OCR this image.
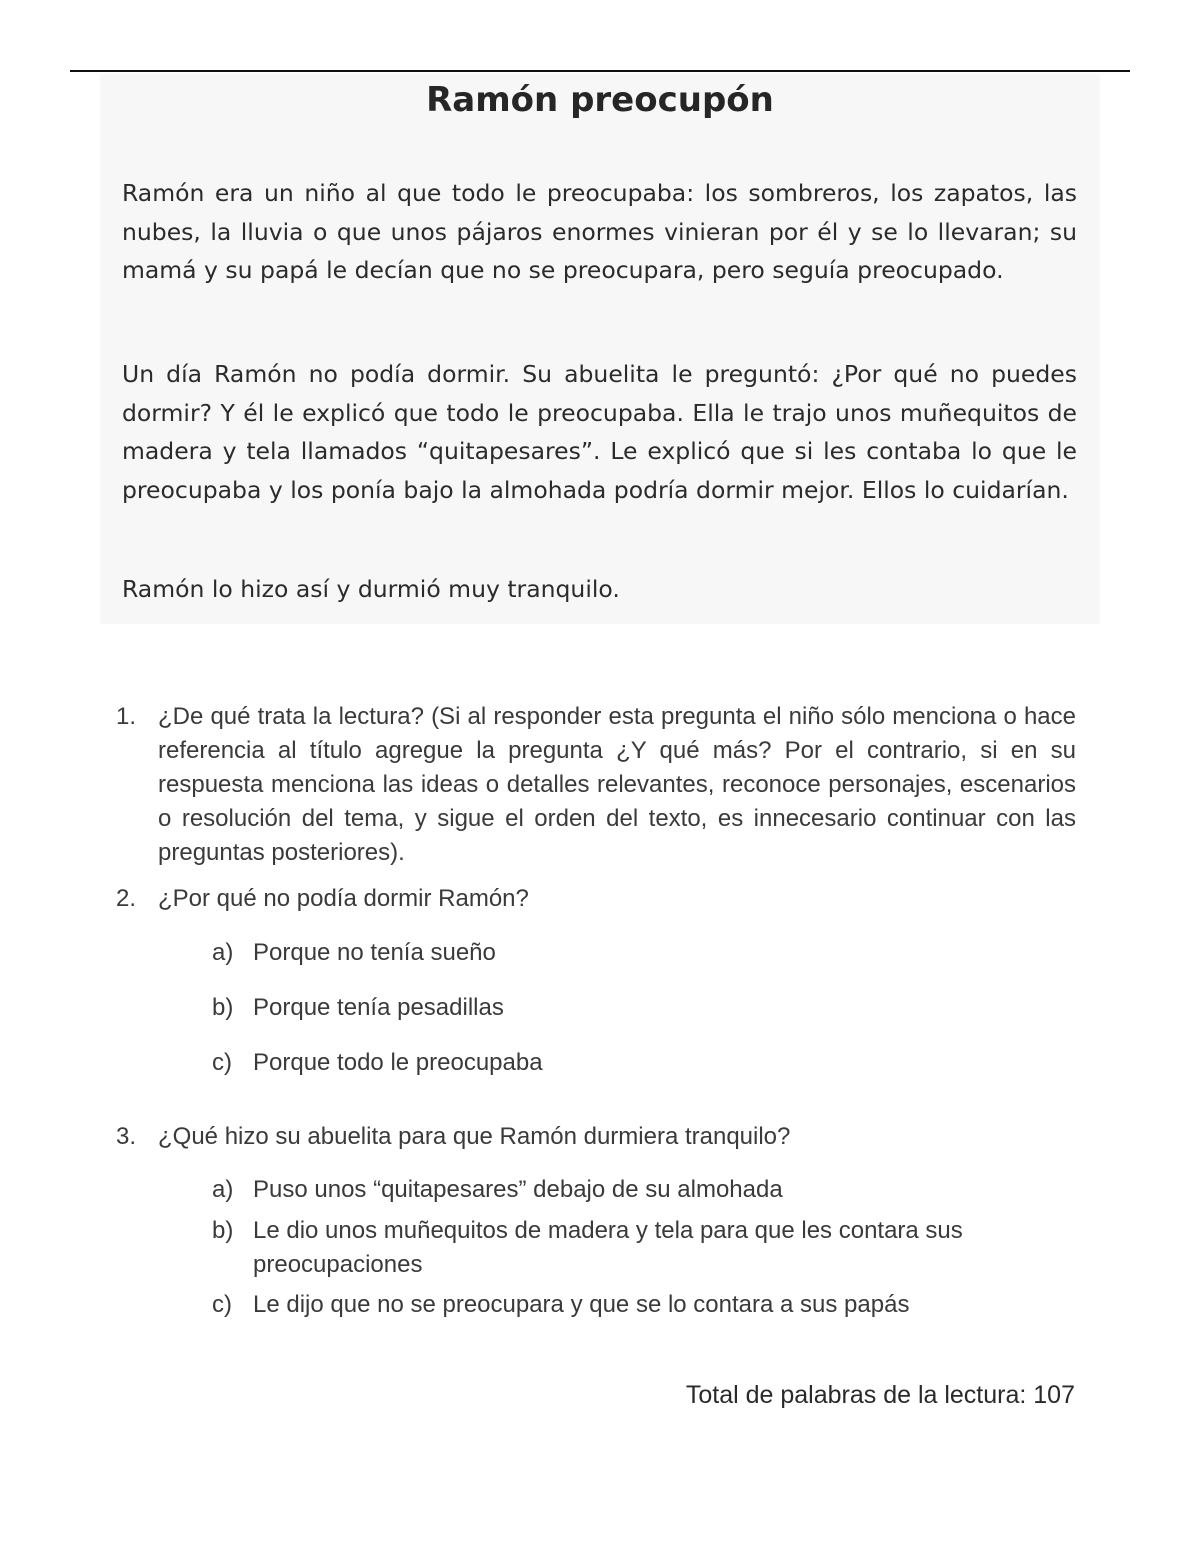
Ramón preocupón

Ramón era un niño al que todo le preocupaba: los sombreros, los zapatos, las nubes, la lluvia o que unos pájaros enormes vinieran por él y se lo llevaran; su mamá y su papá le decían que no se preocupara, pero seguía preocupado.

Un día Ramón no podía dormir. Su abuelita le preguntó: ¿Por qué no puedes dormir? Y él le explicó que todo le preocupaba. Ella le trajo unos muñequitos de madera y tela llamados “quitapesares”. Le explicó que si les contaba lo que le preocupaba y los ponía bajo la almohada podría dormir mejor. Ellos lo cuidarían.

Ramón lo hizo así y durmió muy tranquilo.

1. ¿De qué trata la lectura? (Si al responder esta pregunta el niño sólo menciona o hace referencia al título agregue la pregunta ¿Y qué más? Por el contrario, si en su respuesta menciona las ideas o detalles relevantes, reconoce personajes, escenarios o resolución del tema, y sigue el orden del texto, es innecesario continuar con las preguntas posteriores).

2. ¿Por qué no podía dormir Ramón?

a) Porque no tenía sueño

b) Porque tenía pesadillas

c) Porque todo le preocupaba

3. ¿Qué hizo su abuelita para que Ramón durmiera tranquilo?

a) Puso unos “quitapesares” debajo de su almohada

b) Le dio unos muñequitos de madera y tela para que les contara sus preocupaciones

c) Le dijo que no se preocupara y que se lo contara a sus papás

Total de palabras de la lectura: 107
